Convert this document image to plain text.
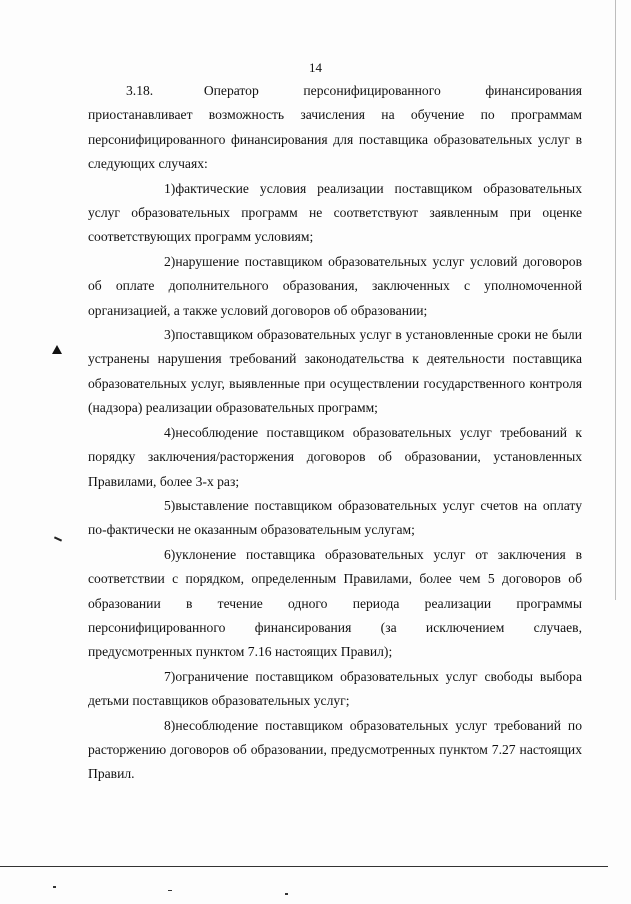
14

3.18.	Оператор персонифицированного финансирования
приостанавливает возможность зачисления на обучение по программам персонифицированного финансирования для поставщика образовательных услуг в следующих случаях:

1)фактические условия реализации поставщиком образовательных услуг образовательных программ не соответствуют заявленным при оценке соответствующих программ условиям;

2)нарушение поставщиком образовательных услуг условий договоров об оплате дополнительного образования, заключенных с уполномоченной организацией, а также условий договоров об образовании;

3)поставщиком образовательных услуг в установленные сроки не были устранены нарушения требований законодательства к деятельности поставщика образовательных услуг, выявленные при осуществлении государственного контроля (надзора) реализации образовательных программ;

4)несоблюдение поставщиком образовательных услуг требований к порядку заключения/расторжения договоров об образовании, установленных Правилами, более 3-х раз;

5)выставление поставщиком образовательных услуг счетов на оплату по-фактически не оказанным образовательным услугам;

6)уклонение поставщика образовательных услуг от заключения в соответствии с порядком, определенным Правилами, более чем 5 договоров об образовании в течение одного периода реализации программы персонифицированного финансирования (за исключением случаев, предусмотренных пунктом 7.16 настоящих Правил);

7)ограничение поставщиком образовательных услуг свободы выбора детьми поставщиков образовательных услуг;

8)несоблюдение поставщиком образовательных услуг требований по расторжению договоров об образовании, предусмотренных пунктом 7.27 настоящих Правил.
